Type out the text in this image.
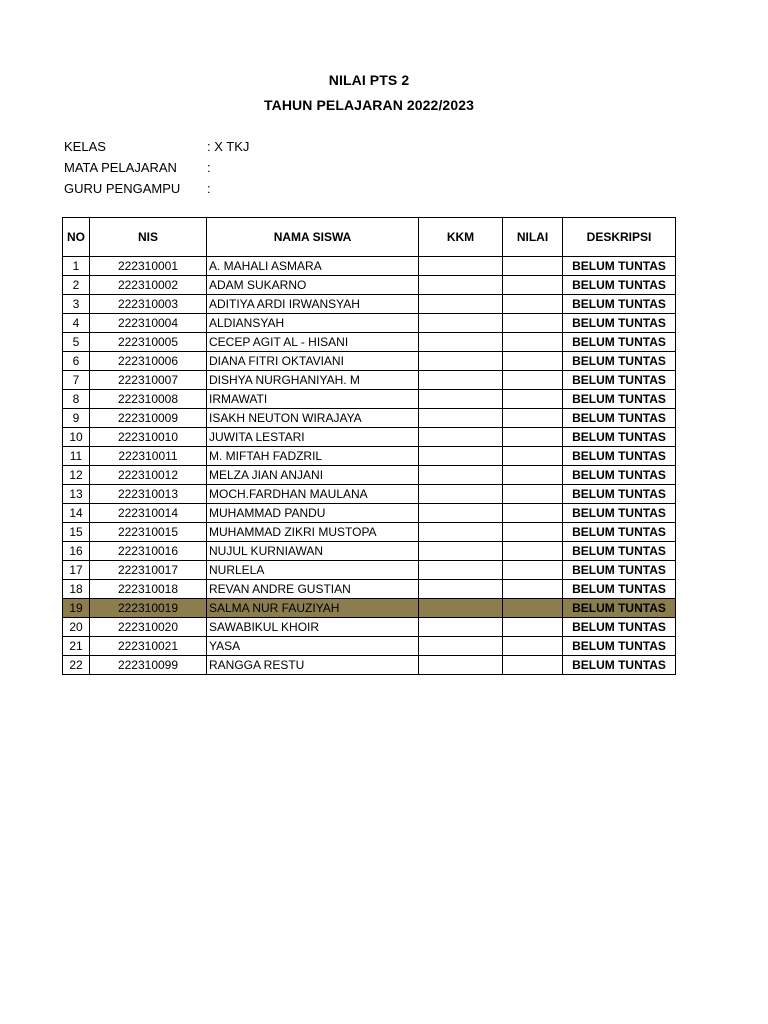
NILAI PTS 2
TAHUN PELAJARAN 2022/2023
KELAS	: X TKJ
MATA PELAJARAN :
GURU PENGAMPU :
NO	NIS	NAMA SISWA	KKM	NILAI	DESKRIPSI
1	222310001	A. MAHALI ASMARA			BELUM TUNTAS
2	222310002	ADAM SUKARNO			BELUM TUNTAS
3	222310003	ADITIYA ARDI IRWANSYAH			BELUM TUNTAS
4	222310004	ALDIANSYAH			BELUM TUNTAS
5	222310005	CECEP AGIT AL - HISANI			BELUM TUNTAS
6	222310006	DIANA FITRI OKTAVIANI			BELUM TUNTAS
7	222310007	DISHYA NURGHANIYAH. M			BELUM TUNTAS
8	222310008	IRMAWATI			BELUM TUNTAS
9	222310009	ISAKH NEUTON WIRAJAYA			BELUM TUNTAS
10	222310010	JUWITA LESTARI			BELUM TUNTAS
11	222310011	M. MIFTAH FADZRIL			BELUM TUNTAS
12	222310012	MELZA JIAN ANJANI			BELUM TUNTAS
13	222310013	MOCH.FARDHAN MAULANA			BELUM TUNTAS
14	222310014	MUHAMMAD PANDU			BELUM TUNTAS
15	222310015	MUHAMMAD ZIKRI MUSTOPA			BELUM TUNTAS
16	222310016	NUJUL KURNIAWAN			BELUM TUNTAS
17	222310017	NURLELA			BELUM TUNTAS
18	222310018	REVAN ANDRE GUSTIAN			BELUM TUNTAS
19	222310019	SALMA NUR FAUZIYAH			BELUM TUNTAS
20	222310020	SAWABIKUL KHOIR			BELUM TUNTAS
21	222310021	YASA			BELUM TUNTAS
22	222310099	RANGGA RESTU			BELUM TUNTAS
